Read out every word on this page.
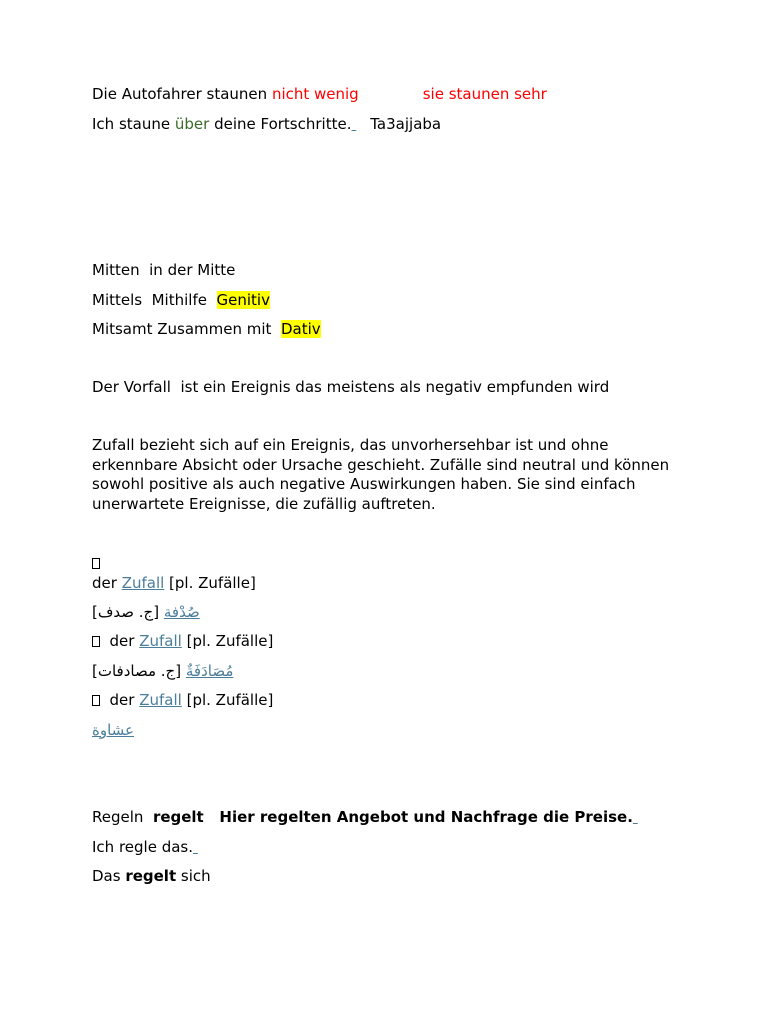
Die Autofahrer staunen nicht wenig	sie staunen sehr
Ich staune über deine Fortschritte. Ta3ajjaba
Mitten  in der Mitte
Mittels  Mithilfe  Genitiv
Mitsamt Zusammen mit  Dativ
Der Vorfall  ist ein Ereignis das meistens als negativ empfunden wird
Zufall bezieht sich auf ein Ereignis, das unvorhersehbar ist und ohne erkennbare Absicht oder Ursache geschieht. Zufälle sind neutral und können sowohl positive als auch negative Auswirkungen haben. Sie sind einfach unerwartete Ereignisse, die zufällig auftreten.
der Zufall [pl. Zufälle]
[ج. صدف] صُدْفة
der Zufall [pl. Zufälle]
[ج. مصادفات] مُصَادَفَةٌ
der Zufall [pl. Zufälle]
عشاوة
Regeln  regelt   Hier regelten Angebot und Nachfrage die Preise.
Ich regle das.
Das regelt sich
